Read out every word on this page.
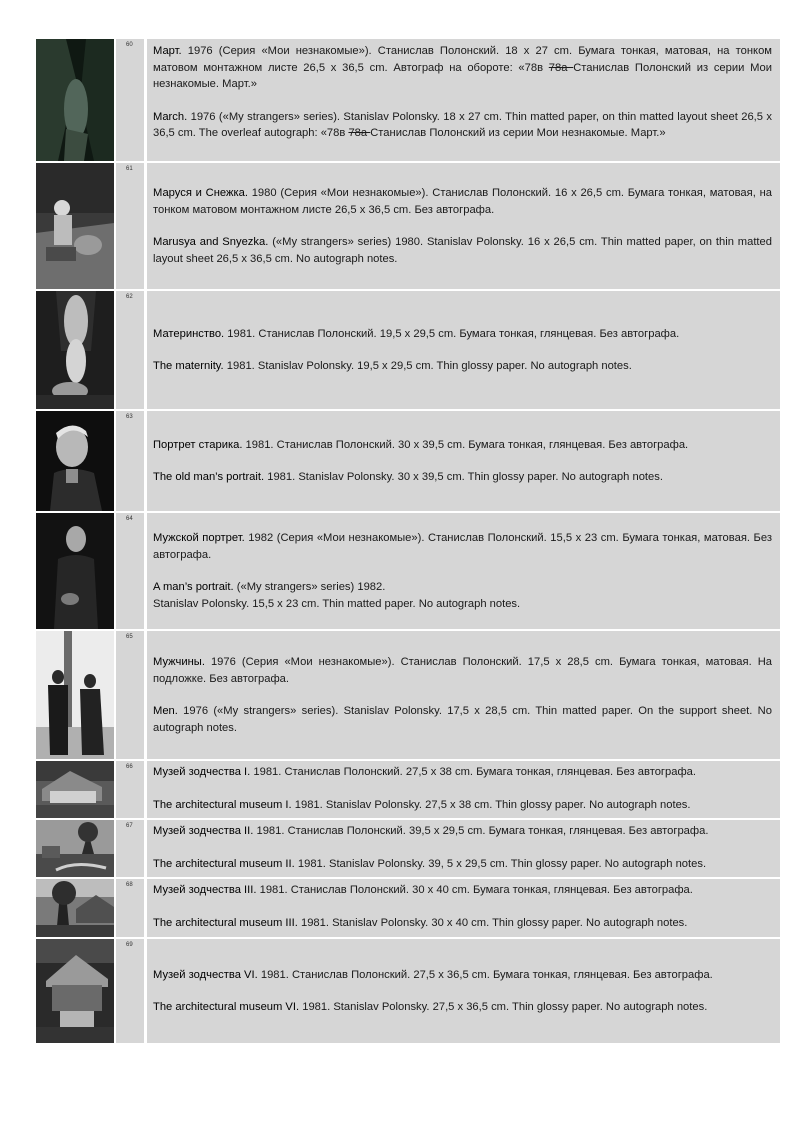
60 Март. 1976 (Серия «Мои незнакомые»). Станислав Полонский. 18 х 27 cm. Бумага тонкая, матовая, на тонком матовом монтажном листе 26,5 х 36,5 cm. Автограф на обороте: «78в 78а Станислав Полонский из серии Мои незнакомые. Март.»

March. 1976 («My strangers» series). Stanislav Polonsky. 18 х 27 cm. Thin matted paper, on thin matted layout sheet 26,5 х 36,5 cm. The overleaf autograph: «78в 78а Станислав Полонский из серии Мои незнакомые. Март.»

61

Маруся и Снежка. 1980 (Серия «Мои незнакомые»). Станислав Полонский. 16 х 26,5 cm. Бумага тонкая, матовая, на тонком матовом монтажном листе 26,5 х 36,5 cm. Без автографа.

Marusya and Snyezka. («My strangers» series) 1980. Stanislav Polonsky. 16 х 26,5 cm. Thin matted paper, on thin matted layout sheet 26,5 х 36,5 cm. No autograph notes.

62

Материнство. 1981. Станислав Полонский. 19,5 х 29,5 cm. Бумага тонкая, глянцевая. Без автографа.

The maternity. 1981. Stanislav Polonsky. 19,5 х 29,5 cm. Thin glossy paper. No autograph notes.

63

Портрет старика. 1981. Станислав Полонский. 30 х 39,5 cm. Бумага тонкая, глянцевая. Без автографа.

The old man’s portrait. 1981. Stanislav Polonsky. 30 х 39,5 cm. Thin glossy paper. No autograph notes.

64

Мужской портрет. 1982 (Серия «Мои незнакомые»). Станислав Полонский. 15,5 х 23 cm. Бумага тонкая, матовая. Без автографа.

A man’s portrait. («My strangers» series) 1982.
Stanislav Polonsky. 15,5 х 23 cm. Thin matted paper. No autograph notes.

65

Мужчины. 1976 (Серия «Мои незнакомые»). Станислав Полонский. 17,5 х 28,5 cm. Бумага тонкая, матовая. На подложке. Без автографа.

Men. 1976 («My strangers» series). Stanislav Polonsky. 17,5 х 28,5 cm. Thin matted paper. On the support sheet. No autograph notes.

66 Музей зодчества I. 1981. Станислав Полонский. 27,5 х 38 cm. Бумага тонкая, глянцевая. Без автографа.

The architectural museum I. 1981. Stanislav Polonsky. 27,5 х 38 cm. Thin glossy paper. No autograph notes.

67 Музей зодчества II. 1981. Станислав Полонский. 39,5 х 29,5 cm. Бумага тонкая, глянцевая. Без автографа.

The architectural museum II. 1981. Stanislav Polonsky. 39, 5 х 29,5 cm. Thin glossy paper. No autograph notes.

68 Музей зодчества III. 1981. Станислав Полонский. 30 х 40 cm. Бумага тонкая, глянцевая. Без автографа.

The architectural museum III. 1981. Stanislav Polonsky. 30 х 40 cm. Thin glossy paper. No autograph notes.

69

Музей зодчества VI. 1981. Станислав Полонский. 27,5 х 36,5 cm. Бумага тонкая, глянцевая. Без автографа.

The architectural museum VI. 1981. Stanislav Polonsky. 27,5 х 36,5 cm. Thin glossy paper. No autograph notes.
